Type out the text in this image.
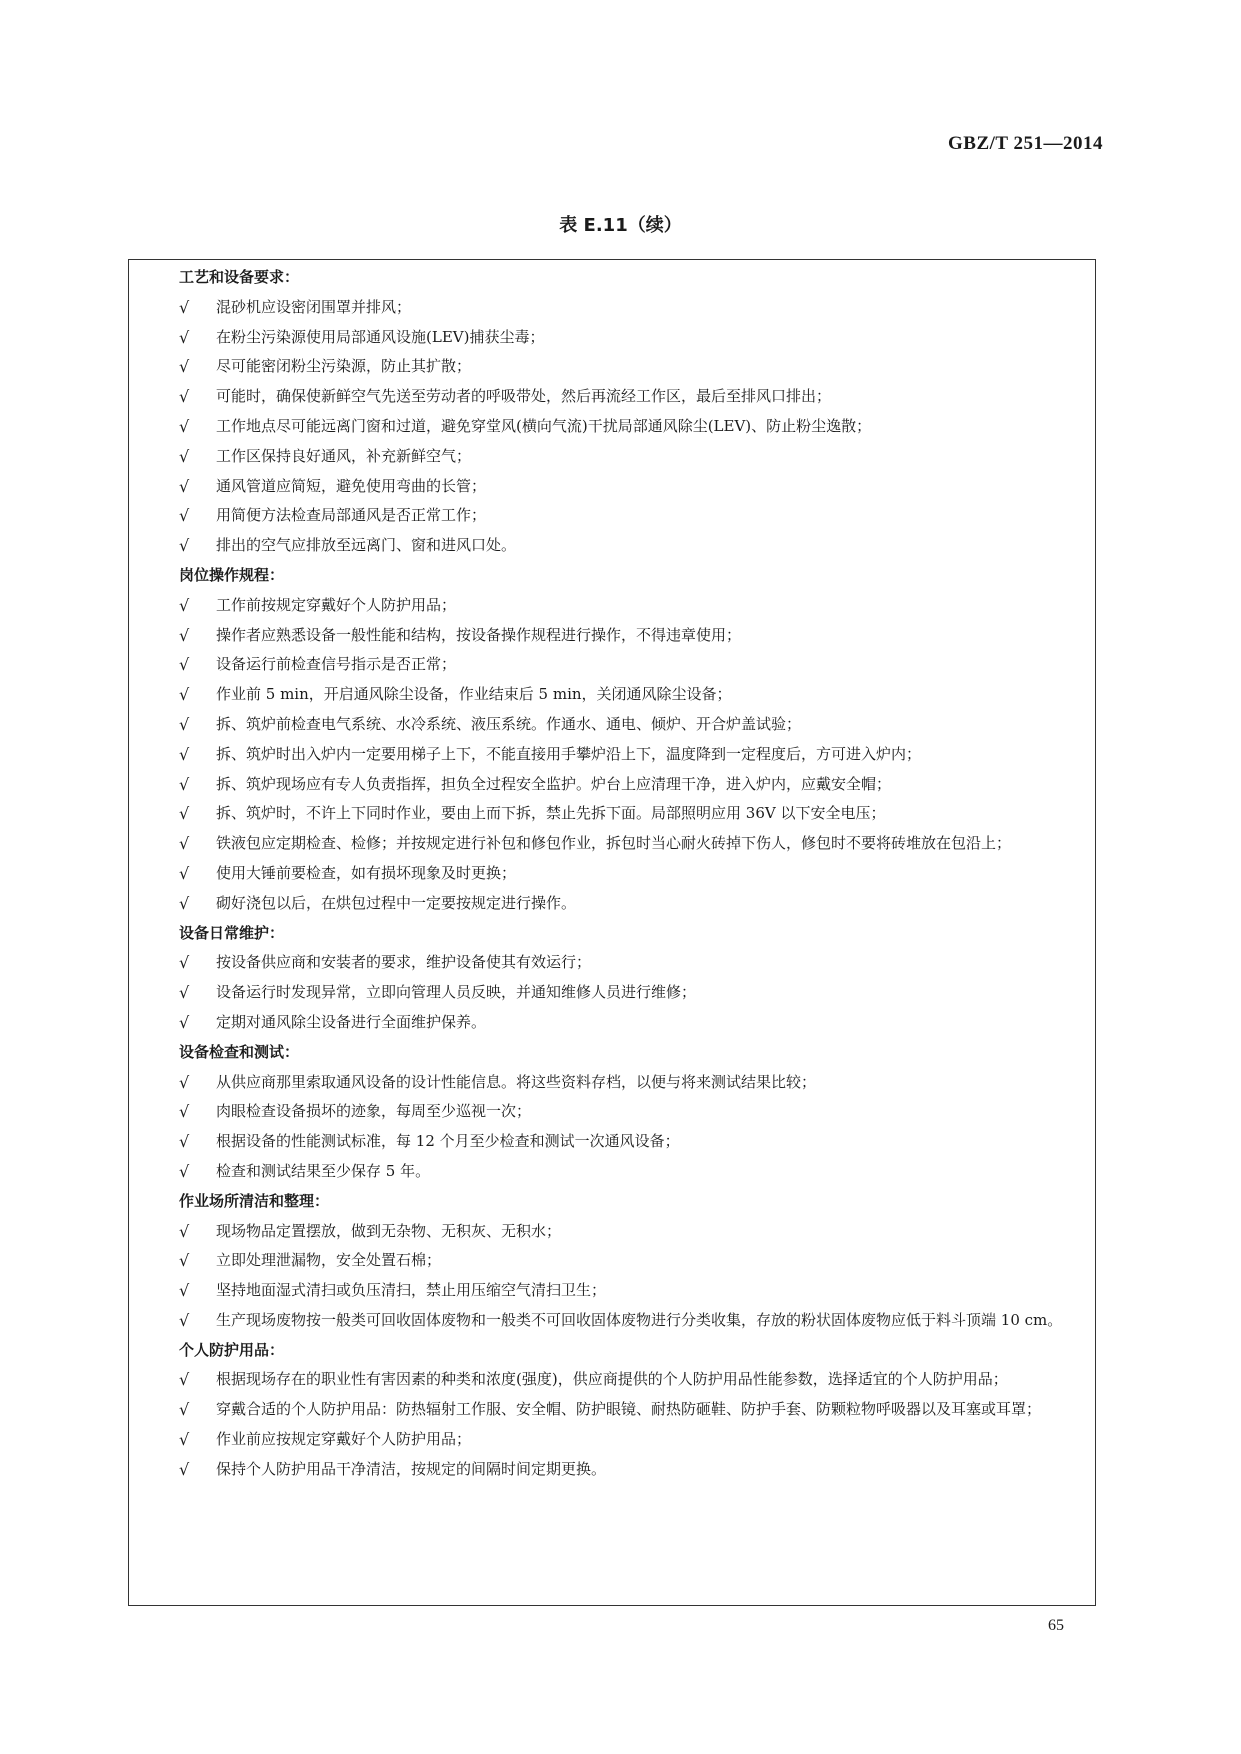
GBZ/T 251—2014
表 E.11（续）
工艺和设备要求：
√	混砂机应设密闭围罩并排风；
√	在粉尘污染源使用局部通风设施(LEV)捕获尘毒；
√	尽可能密闭粉尘污染源，防止其扩散；
√	可能时，确保使新鲜空气先送至劳动者的呼吸带处，然后再流经工作区，最后至排风口排出；
√	工作地点尽可能远离门窗和过道，避免穿堂风(横向气流)干扰局部通风除尘(LEV)、防止粉尘逸散；
√	工作区保持良好通风，补充新鲜空气；
√	通风管道应简短，避免使用弯曲的长管；
√	用简便方法检查局部通风是否正常工作；
√	排出的空气应排放至远离门、窗和进风口处。
岗位操作规程：
√	工作前按规定穿戴好个人防护用品；
√	操作者应熟悉设备一般性能和结构，按设备操作规程进行操作，不得违章使用；
√	设备运行前检查信号指示是否正常；
√	作业前 5 min，开启通风除尘设备，作业结束后 5 min，关闭通风除尘设备；
√	拆、筑炉前检查电气系统、水冷系统、液压系统。作通水、通电、倾炉、开合炉盖试验；
√	拆、筑炉时出入炉内一定要用梯子上下，不能直接用手攀炉沿上下，温度降到一定程度后，方可进入炉内；
√	拆、筑炉现场应有专人负责指挥，担负全过程安全监护。炉台上应清理干净，进入炉内，应戴安全帽；
√	拆、筑炉时，不许上下同时作业，要由上而下拆，禁止先拆下面。局部照明应用 36V 以下安全电压；
√	铁液包应定期检查、检修；并按规定进行补包和修包作业，拆包时当心耐火砖掉下伤人，修包时不要将砖堆放在包沿上；
√	使用大锤前要检查，如有损坏现象及时更换；
√	砌好浇包以后，在烘包过程中一定要按规定进行操作。
设备日常维护：
√	按设备供应商和安装者的要求，维护设备使其有效运行；
√	设备运行时发现异常，立即向管理人员反映，并通知维修人员进行维修；
√	定期对通风除尘设备进行全面维护保养。
设备检查和测试：
√	从供应商那里索取通风设备的设计性能信息。将这些资料存档，以便与将来测试结果比较；
√	肉眼检查设备损坏的迹象，每周至少巡视一次；
√	根据设备的性能测试标准，每 12 个月至少检查和测试一次通风设备；
√	检查和测试结果至少保存 5 年。
作业场所清洁和整理：
√	现场物品定置摆放，做到无杂物、无积灰、无积水；
√	立即处理泄漏物，安全处置石棉；
√	坚持地面湿式清扫或负压清扫，禁止用压缩空气清扫卫生；
√	生产现场废物按一般类可回收固体废物和一般类不可回收固体废物进行分类收集，存放的粉状固体废物应低于料斗顶端 10 cm。
个人防护用品：
√	根据现场存在的职业性有害因素的种类和浓度(强度)，供应商提供的个人防护用品性能参数，选择适宜的个人防护用品；
√	穿戴合适的个人防护用品：防热辐射工作服、安全帽、防护眼镜、耐热防砸鞋、防护手套、防颗粒物呼吸器以及耳塞或耳罩；
√	作业前应按规定穿戴好个人防护用品；
√	保持个人防护用品干净清洁，按规定的间隔时间定期更换。
65
